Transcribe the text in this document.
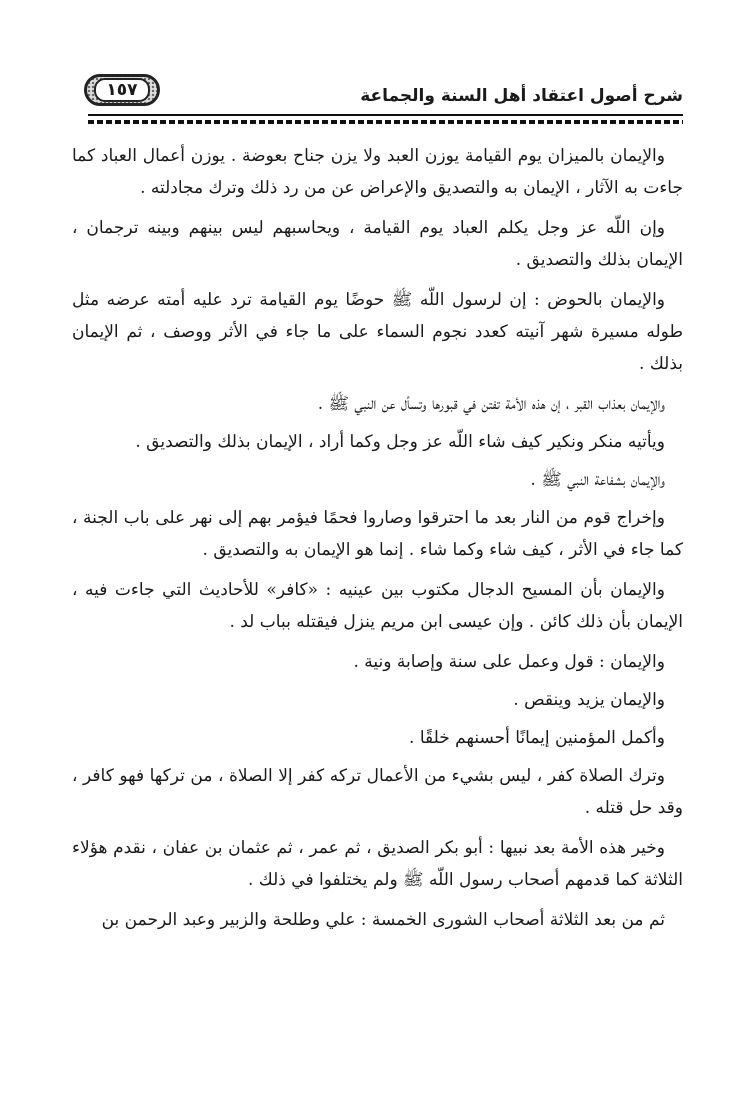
شرح أصول اعتقاد أهل السنة والجماعة
١٥٧

والإيمان بالميزان يوم القيامة يوزن العبد ولا يزن جناح بعوضة . يوزن أعمال العباد كما جاءت به الآثار ، الإيمان به والتصديق والإعراض عن من رد ذلك وترك مجادلته .

وإن اللّه عز وجل يكلم العباد يوم القيامة ، ويحاسبهم ليس بينهم وبينه ترجمان ، الإيمان بذلك والتصديق .

والإيمان بالحوض : إن لرسول اللّه ﷺ حوضًا يوم القيامة ترد عليه أمته عرضه مثل طوله مسيرة شهر آنيته كعدد نجوم السماء على ما جاء في الأثر ووصف ، ثم الإيمان بذلك .

والإيمان بعذاب القبر ، إن هذه الأمة تفتن في قبورها وتسأل عن النبي ﷺ .

ويأتيه منكر ونكير كيف شاء اللّه عز وجل وكما أراد ، الإيمان بذلك والتصديق .

والإيمان بشفاعة النبي ﷺ .

وإخراج قوم من النار بعد ما احترقوا وصاروا فحمًا فيؤمر بهم إلى نهر على باب الجنة ، كما جاء في الأثر ، كيف شاء وكما شاء . إنما هو الإيمان به والتصديق .

والإيمان بأن المسيح الدجال مكتوب بين عينيه : «كافر» للأحاديث التي جاءت فيه ، الإيمان بأن ذلك كائن . وإن عيسى ابن مريم ينزل فيقتله بباب لد .

والإيمان : قول وعمل على سنة وإصابة ونية .

والإيمان يزيد وينقص .

وأكمل المؤمنين إيمانًا أحسنهم خلقًا .

وترك الصلاة كفر ، ليس بشيء من الأعمال تركه كفر إلا الصلاة ، من تركها فهو كافر ، وقد حل قتله .

وخير هذه الأمة بعد نبيها : أبو بكر الصديق ، ثم عمر ، ثم عثمان بن عفان ، نقدم هؤلاء الثلاثة كما قدمهم أصحاب رسول اللّه ﷺ ولم يختلفوا في ذلك .

ثم من بعد الثلاثة أصحاب الشورى الخمسة : علي وطلحة والزبير وعبد الرحمن بن
